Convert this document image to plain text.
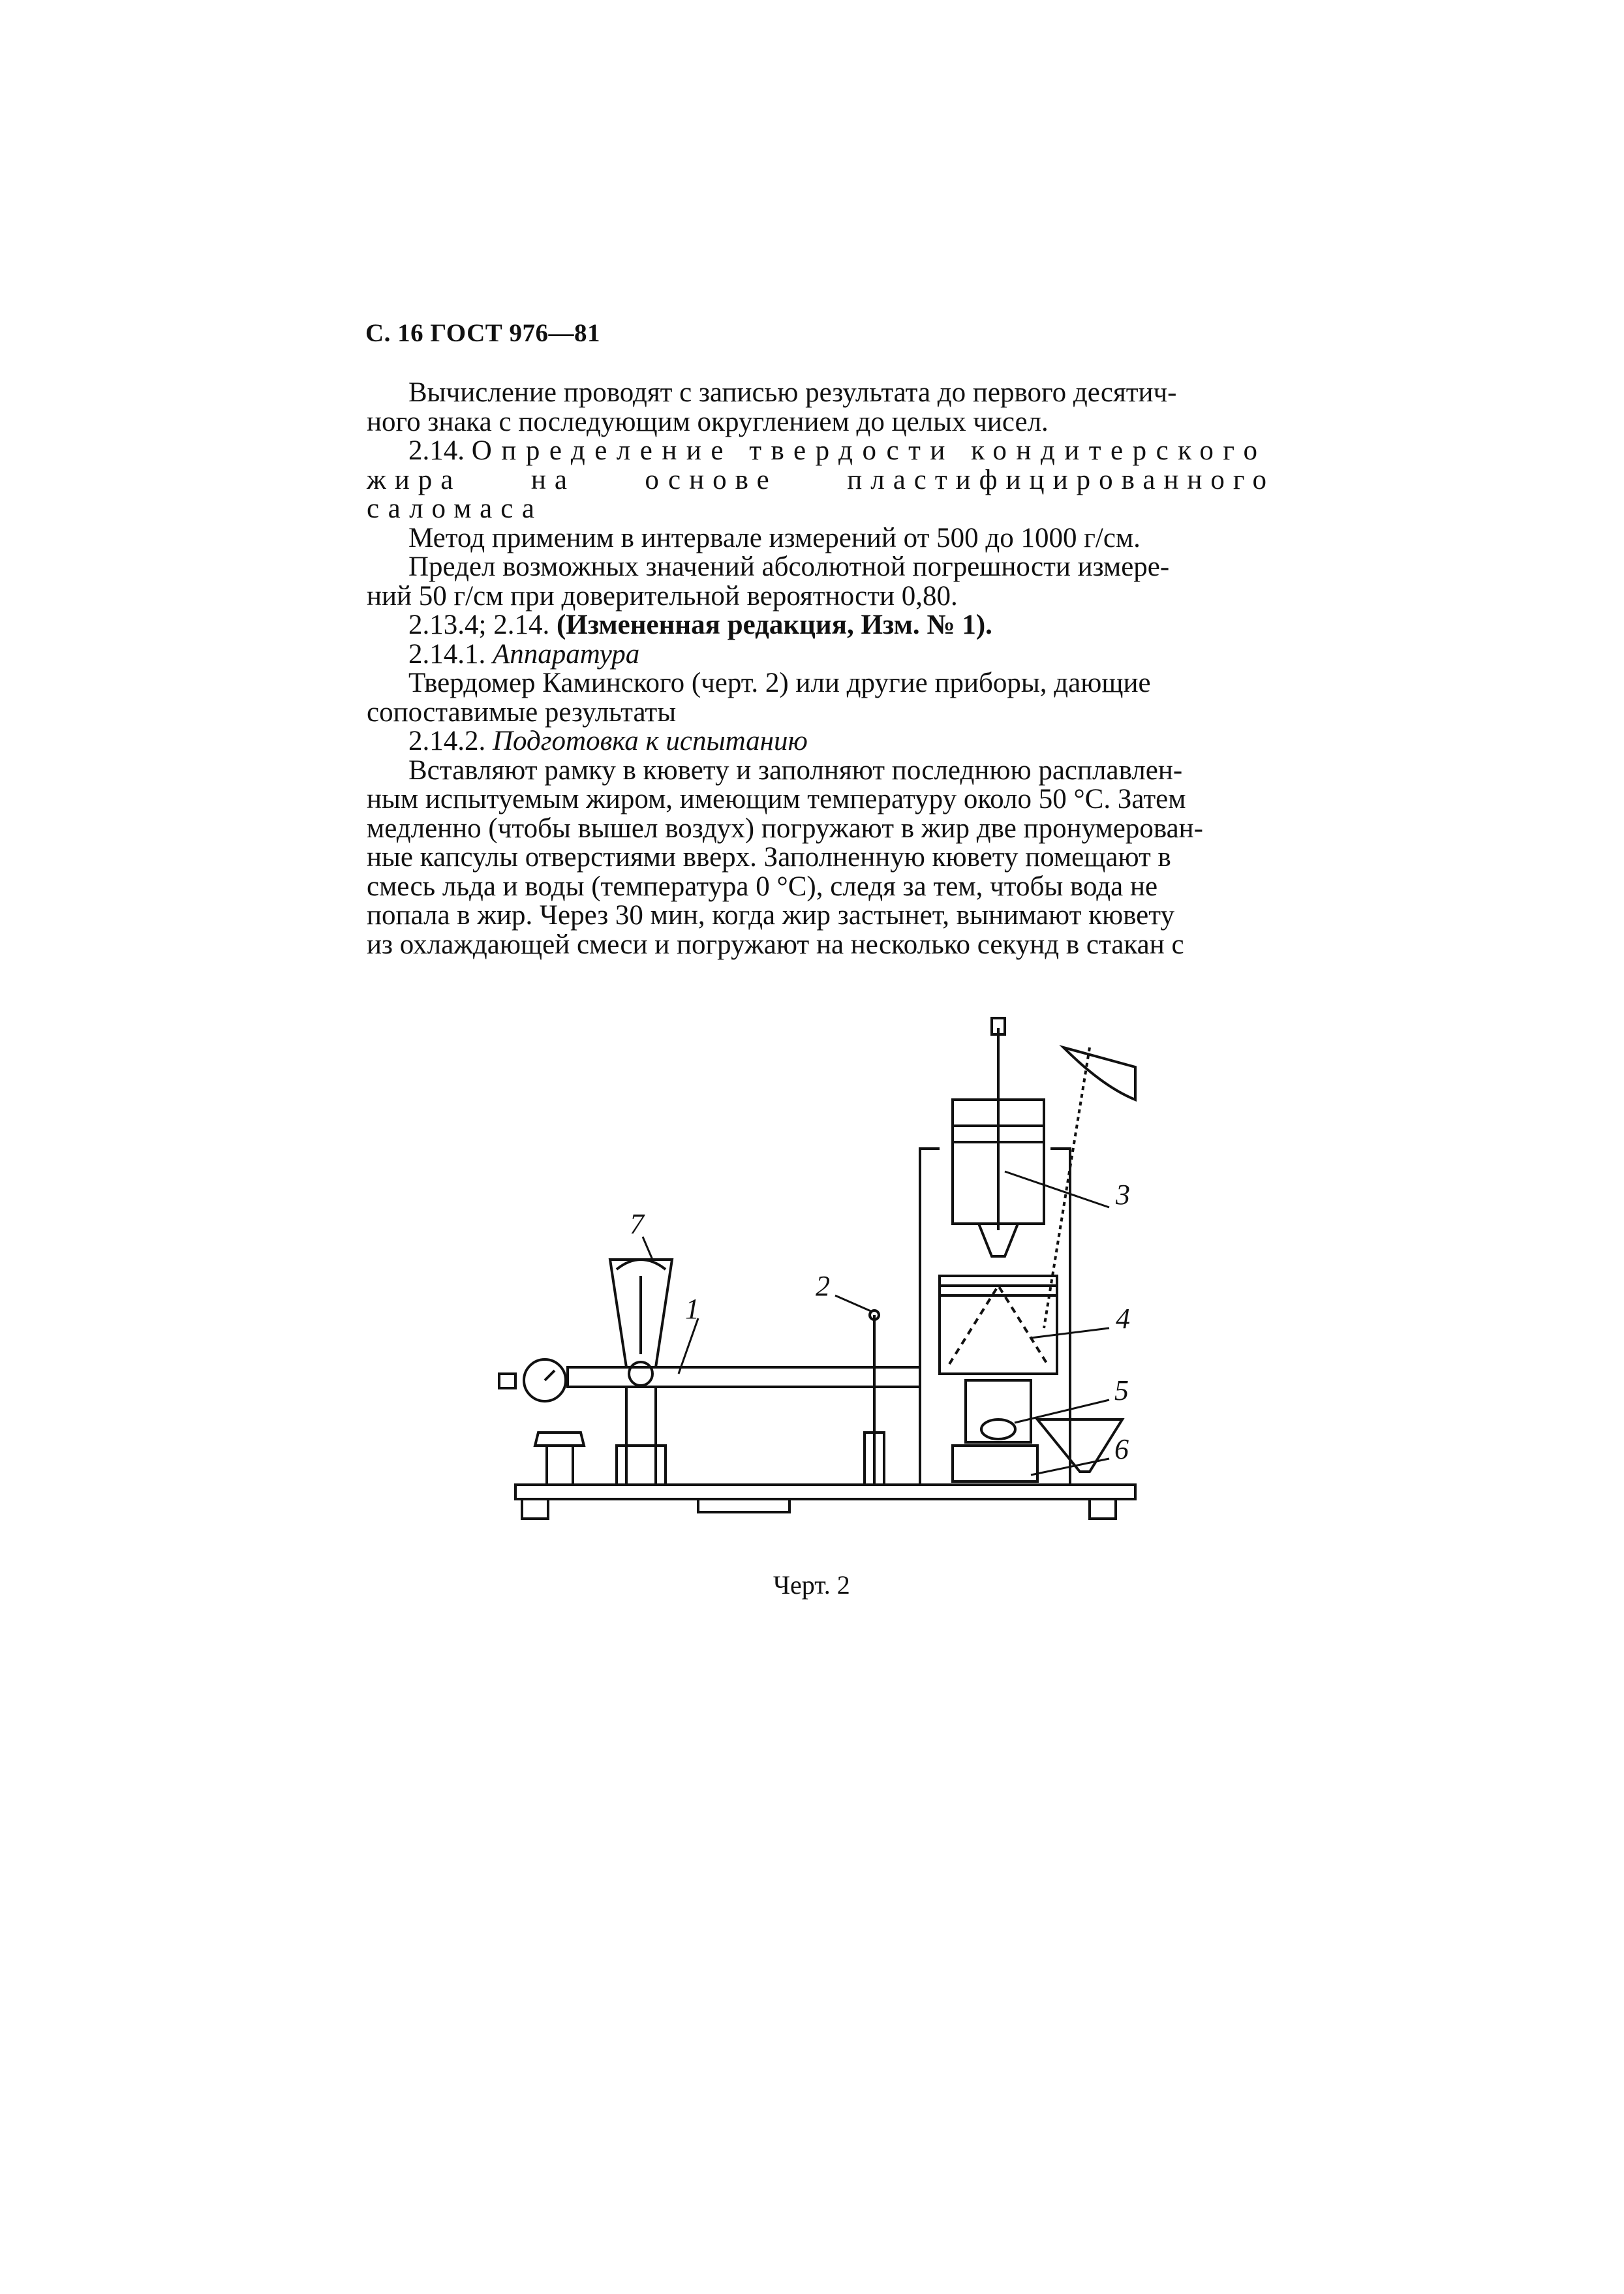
С. 16 ГОСТ 976—81

Вычисление проводят с записью результата до первого десятич-

ного знака с последующим округлением до целых чисел.

2.14. Определение твердости кондитерского

жира на основе пластифицированного саломаса

Метод применим в интервале измерений от 500 до 1000 г/см.

Предел возможных значений абсолютной погрешности измере-

ний 50 г/см при доверительной вероятности 0,80.

2.13.4; 2.14. (Измененная редакция, Изм. № 1).

2.14.1. Аппаратура

Твердомер Каминского (черт. 2) или другие приборы, дающие

сопоставимые результаты

2.14.2. Подготовка к испытанию

Вставляют рамку в кювету и заполняют последнюю расплавлен-

ным испытуемым жиром, имеющим температуру около 50 °С. Затем

медленно (чтобы вышел воздух) погружают в жир две пронумерован-

ные капсулы отверстиями вверх. Заполненную кювету помещают в

смесь льда и воды (температура 0 °С), следя за тем, чтобы вода не

попала в жир. Через 30 мин, когда жир застынет, вынимают кювету

из охлаждающей смеси и погружают на несколько секунд в стакан с

1
2
3
4
5
6
7
Черт. 2
